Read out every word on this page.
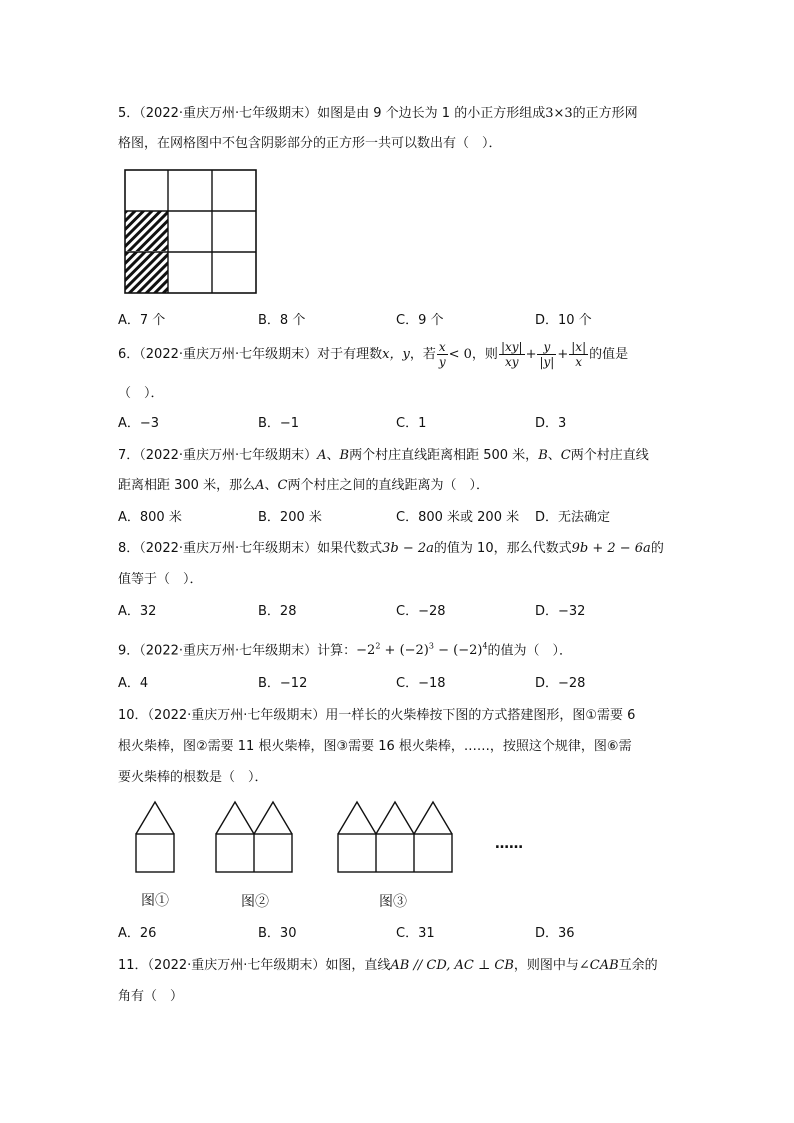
5．（2022·重庆万州·七年级期末）如图是由 9 个边长为 1 的小正方形组成3×3的正方形网
格图，在网格图中不包含阴影部分的正方形一共可以数出有（　）．
A．7 个	B．8 个	C．9 个	D．10 个
6．（2022·重庆万州·七年级期末）对于有理数x，y，若 $\frac{x}{y} < 0$，则 $\frac{|xy|}{xy} + \frac{y}{|y|} + \frac{|x|}{x}$ 的值是
（　）．
A．−3	B．−1	C．1	D．3
7．（2022·重庆万州·七年级期末）A、B两个村庄直线距离相距 500 米，B、C两个村庄直线
距离相距 300 米，那么A、C两个村庄之间的直线距离为（　）．
A．800 米	B．200 米	C．800 米或 200 米 D．无法确定
8．（2022·重庆万州·七年级期末）如果代数式3b − 2a的值为 10，那么代数式9b + 2 − 6a的
值等于（　）．
A．32	B．28	C．−28	D．−32
9．（2022·重庆万州·七年级期末）计算：$-2^2 + (-2)^3 - (-2)^4$的值为（　）．
A．4	B．−12	C．−18	D．−28
10．（2022·重庆万州·七年级期末）用一样长的火柴棒按下图的方式搭建图形，图①需要 6
根火柴棒，图②需要 11 根火柴棒，图③需要 16 根火柴棒，……，按照这个规律，图⑥需
要火柴棒的根数是（　）．
……
图①	图②	图③
A．26	B．30	C．31	D．36
11．（2022·重庆万州·七年级期末）如图，直线AB // CD, AC ⊥ CB，则图中与∠CAB互余的
角有（　）
